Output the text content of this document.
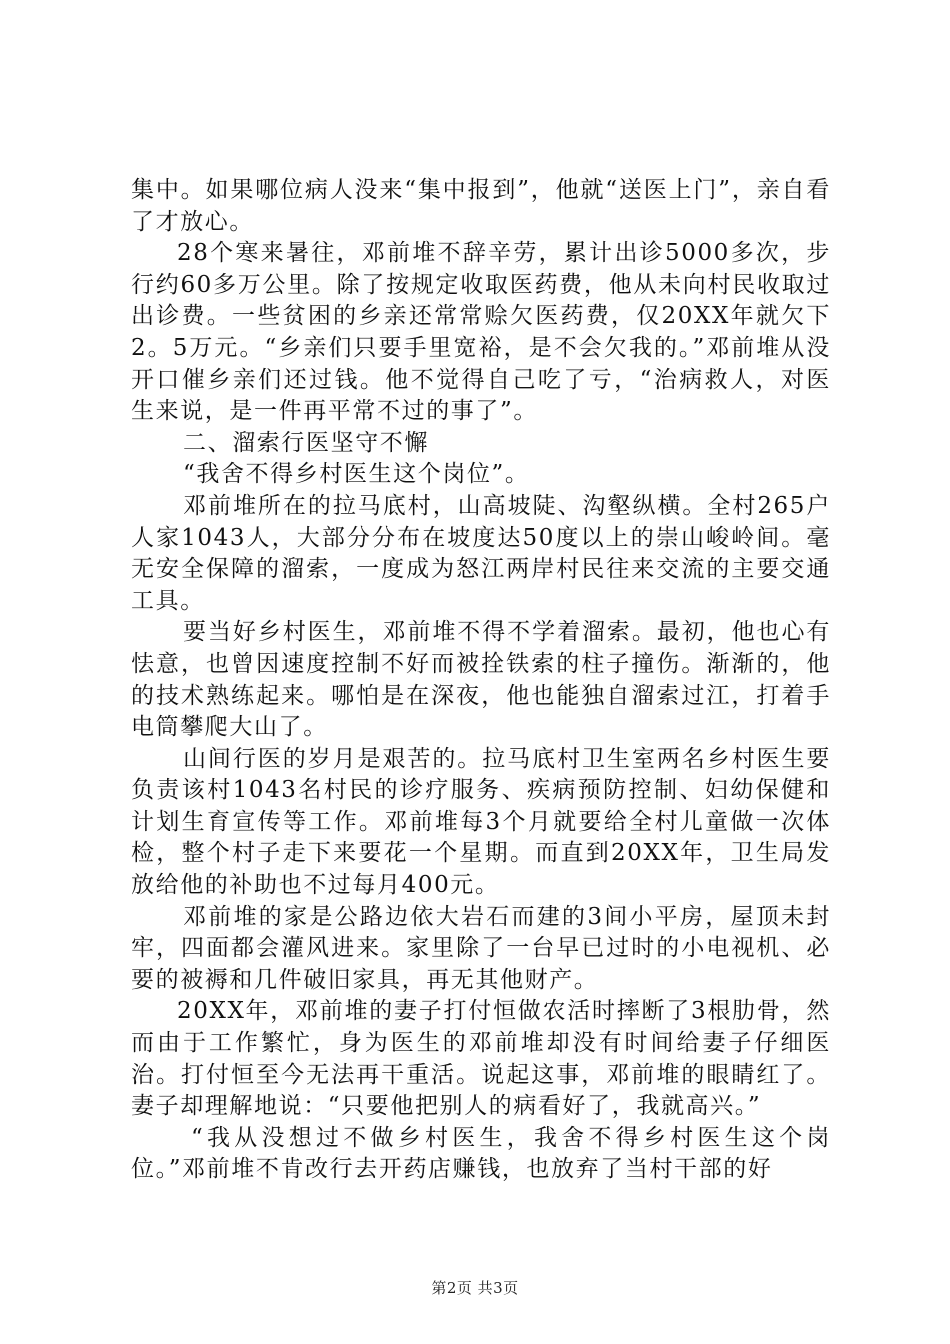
集中。如果哪位病人没来“集中报到”，他就“送医上门”，亲自看了才放心。

28个寒来暑往，邓前堆不辞辛劳，累计出诊5000多次，步行约60多万公里。除了按规定收取医药费，他从未向村民收取过出诊费。一些贫困的乡亲还常常赊欠医药费，仅20XX年就欠下2。5万元。“乡亲们只要手里宽裕，是不会欠我的。”邓前堆从没开口催乡亲们还过钱。他不觉得自己吃了亏，“治病救人，对医生来说，是一件再平常不过的事了”。

二、溜索行医坚守不懈

“我舍不得乡村医生这个岗位”。

邓前堆所在的拉马底村，山高坡陡、沟壑纵横。全村265户人家1043人，大部分分布在坡度达50度以上的崇山峻岭间。毫无安全保障的溜索，一度成为怒江两岸村民往来交流的主要交通工具。

要当好乡村医生，邓前堆不得不学着溜索。最初，他也心有怯意，也曾因速度控制不好而被拴铁索的柱子撞伤。渐渐的，他的技术熟练起来。哪怕是在深夜，他也能独自溜索过江，打着手电筒攀爬大山了。

山间行医的岁月是艰苦的。拉马底村卫生室两名乡村医生要负责该村1043名村民的诊疗服务、疾病预防控制、妇幼保健和计划生育宣传等工作。邓前堆每3个月就要给全村儿童做一次体检，整个村子走下来要花一个星期。而直到20XX年，卫生局发放给他的补助也不过每月400元。

邓前堆的家是公路边依大岩石而建的3间小平房，屋顶未封牢，四面都会灌风进来。家里除了一台早已过时的小电视机、必要的被褥和几件破旧家具，再无其他财产。

20XX年，邓前堆的妻子打付恒做农活时摔断了3根肋骨，然而由于工作繁忙，身为医生的邓前堆却没有时间给妻子仔细医治。打付恒至今无法再干重活。说起这事，邓前堆的眼睛红了。妻子却理解地说：“只要他把别人的病看好了，我就高兴。”

“我从没想过不做乡村医生，我舍不得乡村医生这个岗位。”邓前堆不肯改行去开药店赚钱，也放弃了当村干部的好

第2页 共3页
